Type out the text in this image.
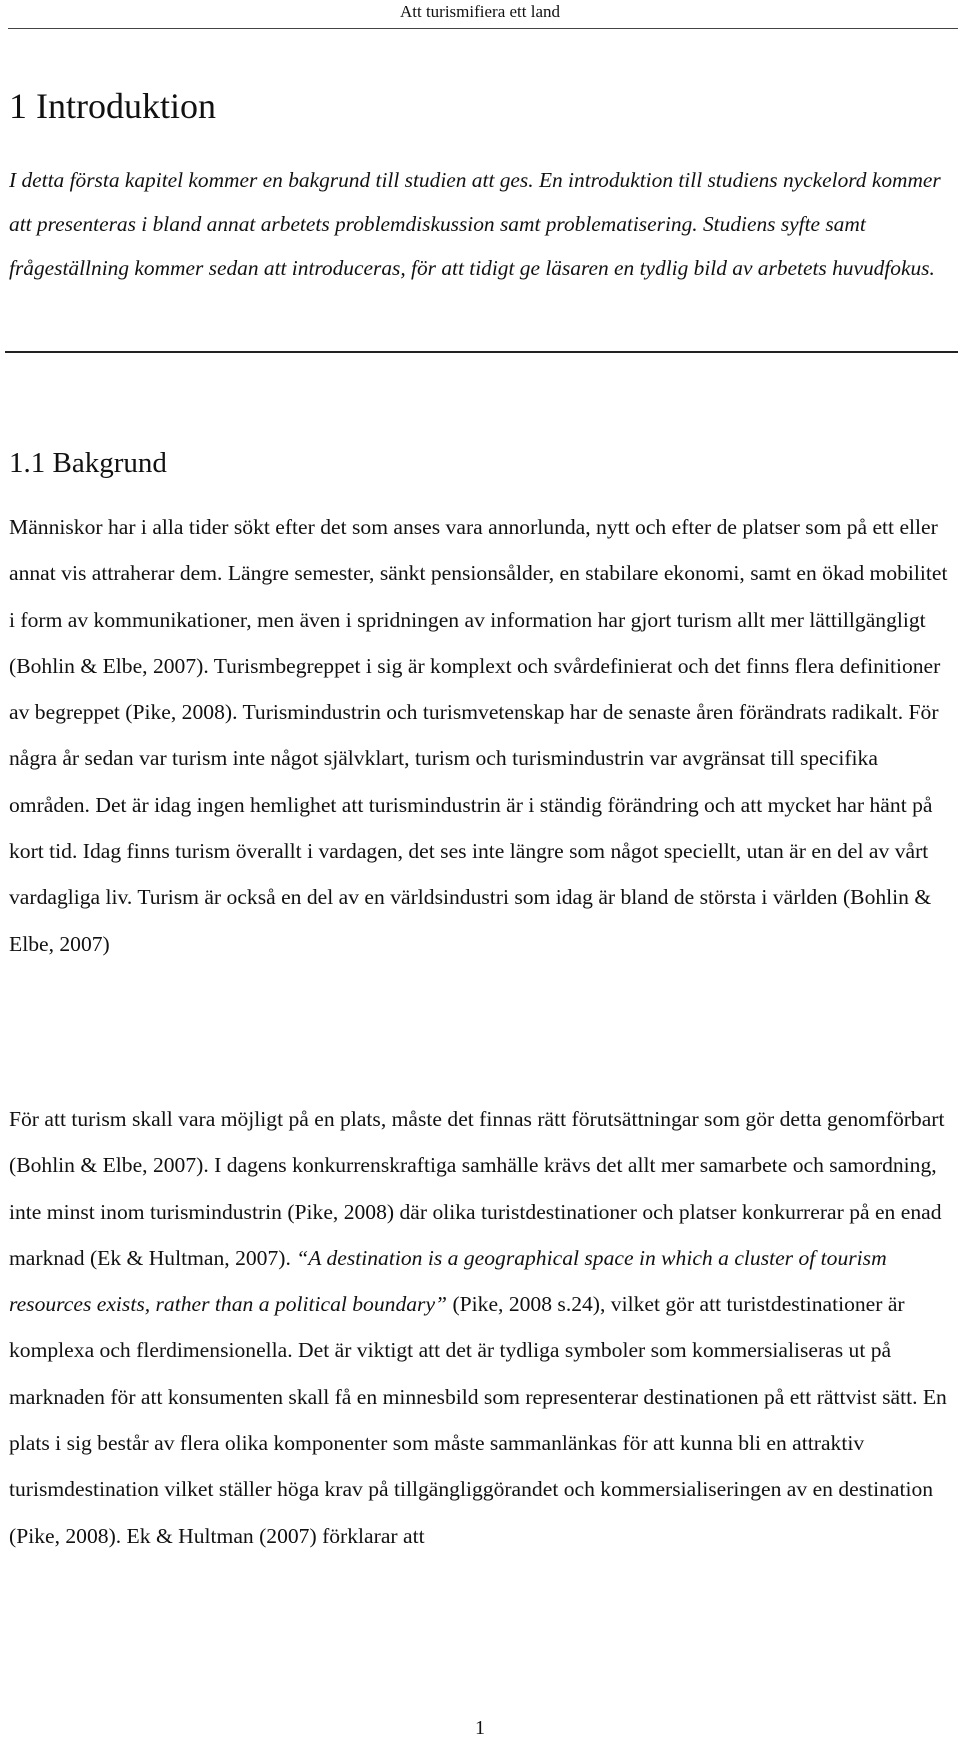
Att turismifiera ett land
1 Introduktion

I detta första kapitel kommer en bakgrund till studien att ges. En introduktion till studiens nyckelord kommer att presenteras i bland annat arbetets problemdiskussion samt problematisering. Studiens syfte samt frågeställning kommer sedan att introduceras, för att tidigt ge läsaren en tydlig bild av arbetets huvudfokus.

1.1 Bakgrund

Människor har i alla tider sökt efter det som anses vara annorlunda, nytt och efter de platser som på ett eller annat vis attraherar dem. Längre semester, sänkt pensionsålder, en stabilare ekonomi, samt en ökad mobilitet i form av kommunikationer, men även i spridningen av information har gjort turism allt mer lättillgängligt (Bohlin & Elbe, 2007). Turismbegreppet i sig är komplext och svårdefinierat och det finns flera definitioner av begreppet (Pike, 2008). Turismindustrin och turismvetenskap har de senaste åren förändrats radikalt. För några år sedan var turism inte något självklart, turism och turismindustrin var avgränsat till specifika områden. Det är idag ingen hemlighet att turismindustrin är i ständig förändring och att mycket har hänt på kort tid. Idag finns turism överallt i vardagen, det ses inte längre som något speciellt, utan är en del av vårt vardagliga liv. Turism är också en del av en världsindustri som idag är bland de största i världen (Bohlin & Elbe, 2007)

För att turism skall vara möjligt på en plats, måste det finnas rätt förutsättningar som gör detta genomförbart (Bohlin & Elbe, 2007). I dagens konkurrenskraftiga samhälle krävs det allt mer samarbete och samordning, inte minst inom turismindustrin (Pike, 2008) där olika turistdestinationer och platser konkurrerar på en enad marknad (Ek & Hultman, 2007). “A destination is a geographical space in which a cluster of tourism resources exists, rather than a political boundary” (Pike, 2008 s.24), vilket gör att turistdestinationer är komplexa och flerdimensionella. Det är viktigt att det är tydliga symboler som kommersialiseras ut på marknaden för att konsumenten skall få en minnesbild som representerar destinationen på ett rättvist sätt. En plats i sig består av flera olika komponenter som måste sammanlänkas för att kunna bli en attraktiv turismdestination vilket ställer höga krav på tillgängliggörandet och kommersialiseringen av en destination (Pike, 2008). Ek & Hultman (2007) förklarar att

1
